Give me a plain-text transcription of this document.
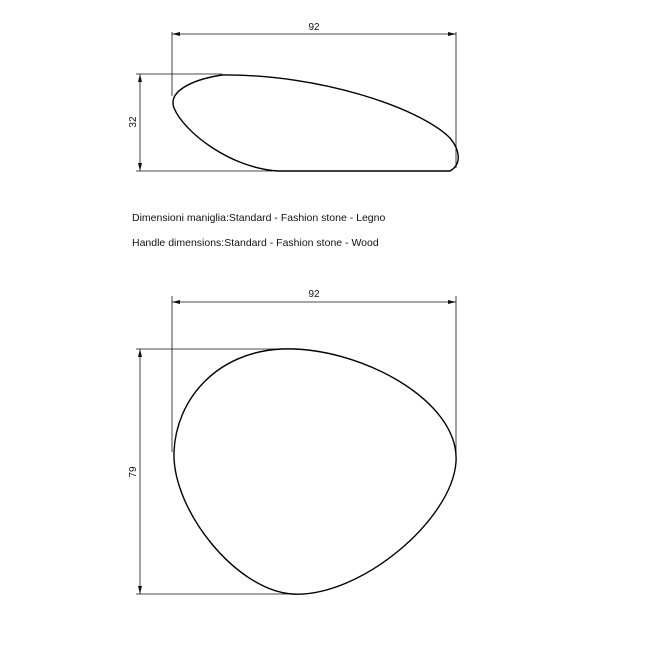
92
32
92
79
Dimensioni maniglia:Standard - Fashion stone - Legno
Handle dimensions:Standard - Fashion stone - Wood
